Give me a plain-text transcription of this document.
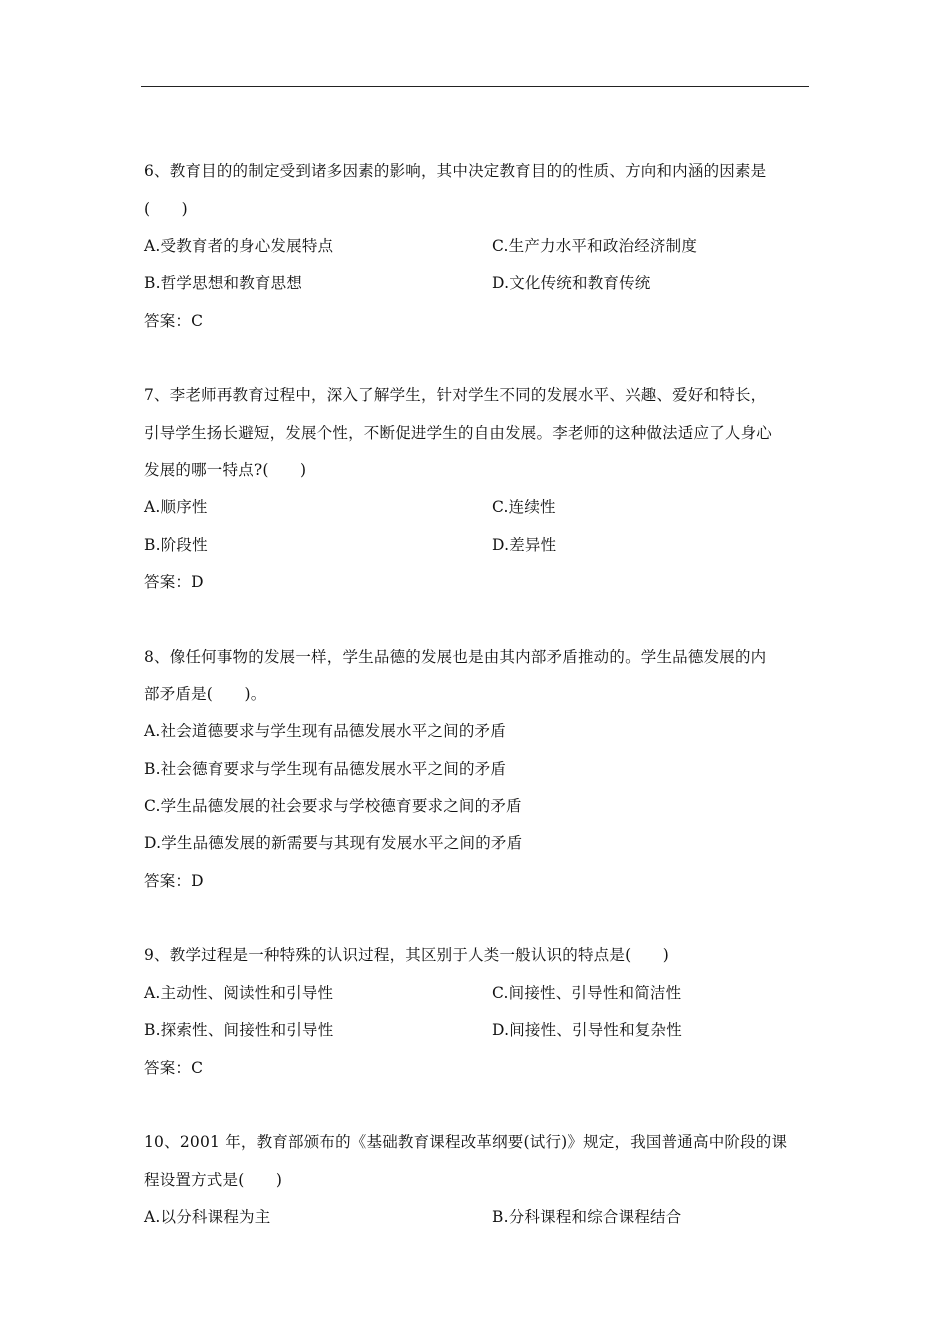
6、教育目的的制定受到诸多因素的影响，其中决定教育目的的性质、方向和内涵的因素是
(　　)
A.受教育者的身心发展特点	C.生产力水平和政治经济制度
B.哲学思想和教育思想	D.文化传统和教育传统
答案：C
7、李老师再教育过程中，深入了解学生，针对学生不同的发展水平、兴趣、爱好和特长，
引导学生扬长避短，发展个性，不断促进学生的自由发展。李老师的这种做法适应了人身心
发展的哪一特点?(　　)
A.顺序性	C.连续性
B.阶段性	D.差异性
答案：D
8、像任何事物的发展一样，学生品德的发展也是由其内部矛盾推动的。学生品德发展的内
部矛盾是(　　)。
A.社会道德要求与学生现有品德发展水平之间的矛盾
B.社会德育要求与学生现有品德发展水平之间的矛盾
C.学生品德发展的社会要求与学校德育要求之间的矛盾
D.学生品德发展的新需要与其现有发展水平之间的矛盾
答案：D
9、教学过程是一种特殊的认识过程，其区别于人类一般认识的特点是(　　)
A.主动性、阅读性和引导性	C.间接性、引导性和简洁性
B.探索性、间接性和引导性	D.间接性、引导性和复杂性
答案：C
10、2001 年，教育部颁布的《基础教育课程改革纲要(试行)》规定，我国普通高中阶段的课
程设置方式是(　　)
A.以分科课程为主	B.分科课程和综合课程结合
